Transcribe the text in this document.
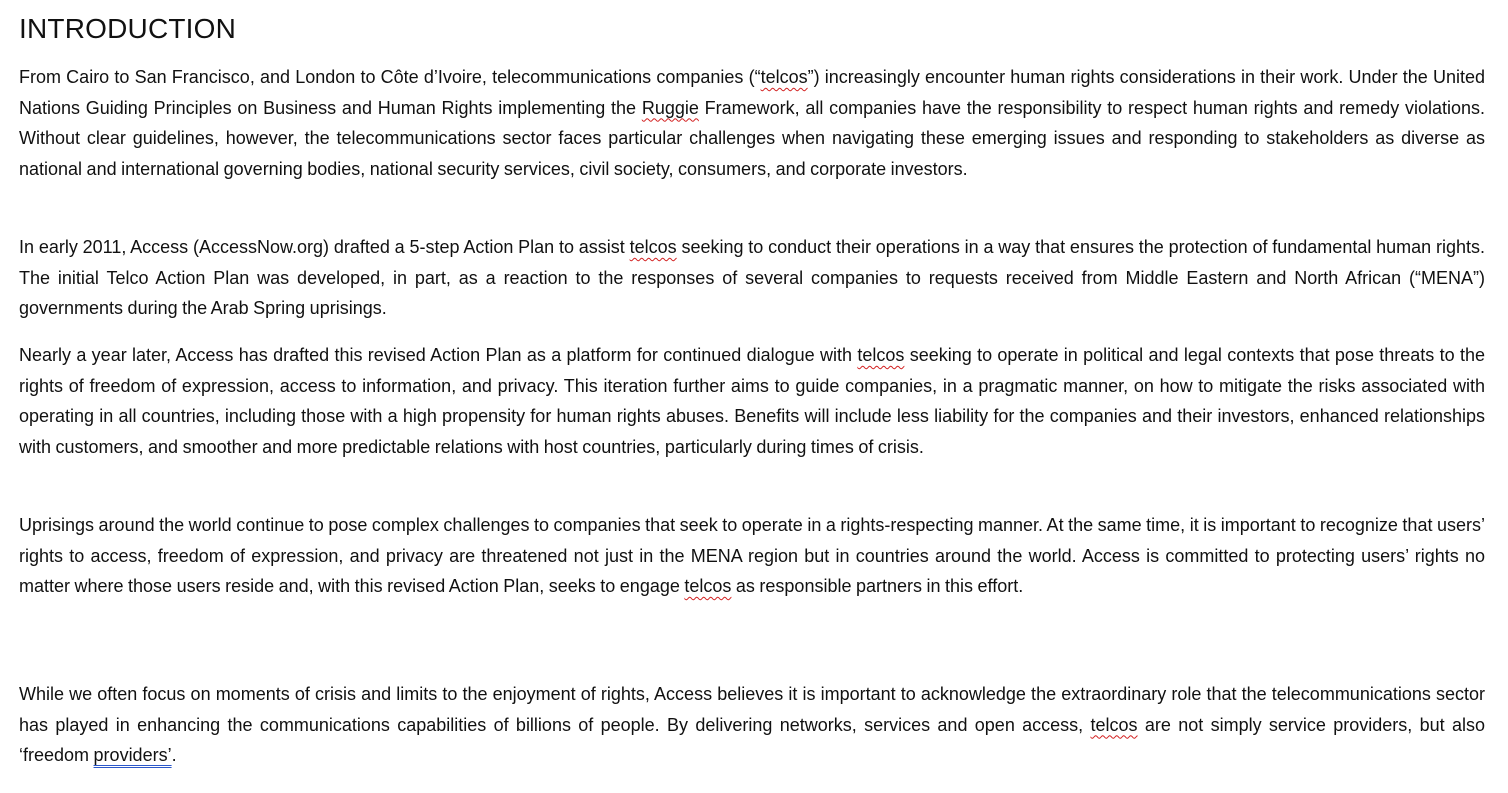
INTRODUCTION

From Cairo to San Francisco, and London to Côte d’Ivoire, telecommunications companies (“telcos”) increasingly encounter human rights considerations in their work. Under the United Nations Guiding Principles on Business and Human Rights implementing the Ruggie Framework, all companies have the responsibility to respect human rights and remedy violations. Without clear guidelines, however, the telecommunications sector faces particular challenges when navigating these emerging issues and responding to stakeholders as diverse as national and international governing bodies, national security services, civil society, consumers, and corporate investors.

In early 2011, Access (AccessNow.org) drafted a 5-step Action Plan to assist telcos seeking to conduct their operations in a way that ensures the protection of fundamental human rights. The initial Telco Action Plan was developed, in part, as a reaction to the responses of several companies to requests received from Middle Eastern and North African (“MENA”) governments during the Arab Spring uprisings.

Nearly a year later, Access has drafted this revised Action Plan as a platform for continued dialogue with telcos seeking to operate in political and legal contexts that pose threats to the rights of freedom of expression, access to information, and privacy. This iteration further aims to guide companies, in a pragmatic manner, on how to mitigate the risks associated with operating in all countries, including those with a high propensity for human rights abuses. Benefits will include less liability for the companies and their investors, enhanced relationships with customers, and smoother and more predictable relations with host countries, particularly during times of crisis.

Uprisings around the world continue to pose complex challenges to companies that seek to operate in a rights-respecting manner. At the same time, it is important to recognize that users’ rights to access, freedom of expression, and privacy are threatened not just in the MENA region but in countries around the world. Access is committed to protecting users’ rights no matter where those users reside and, with this revised Action Plan, seeks to engage telcos as responsible partners in this effort.

While we often focus on moments of crisis and limits to the enjoyment of rights, Access believes it is important to acknowledge the extraordinary role that the telecommunications sector has played in enhancing the communications capabilities of billions of people. By delivering networks, services and open access, telcos are not simply service providers, but also ‘freedom providers’.
